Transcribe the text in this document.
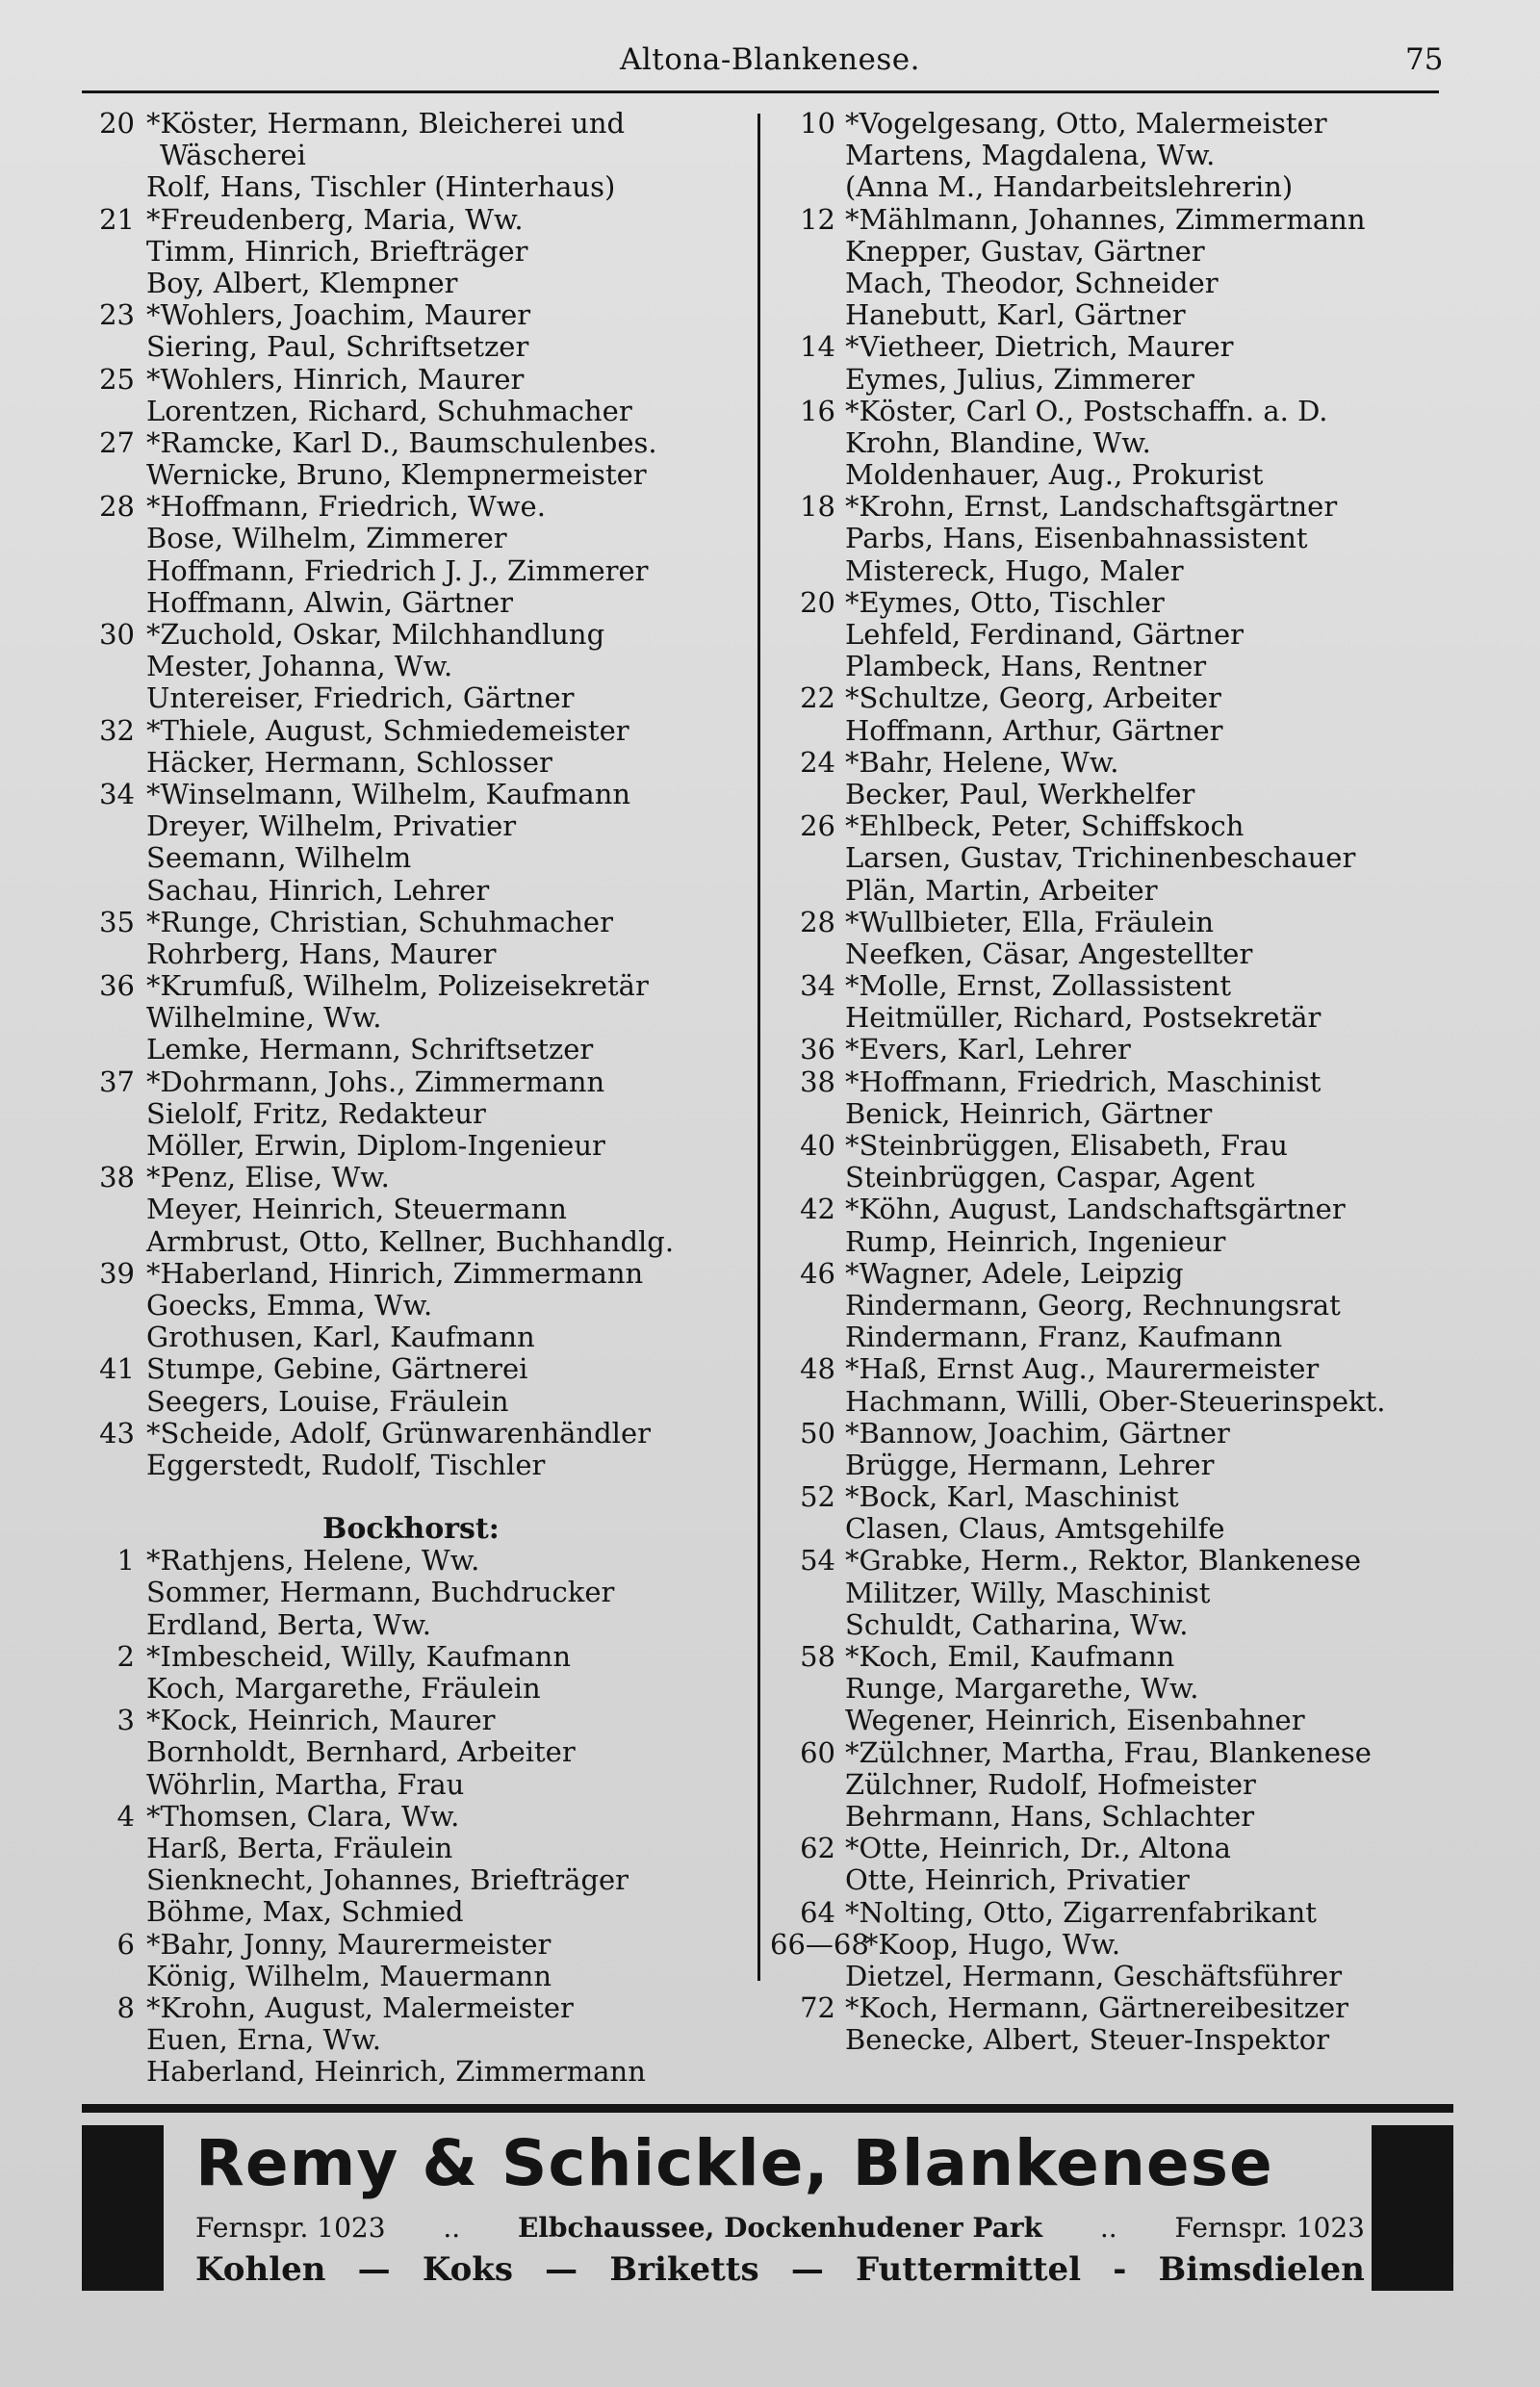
Altona-Blankenese.	75
20 *Köster, Hermann, Bleicherei und
Wäscherei
Rolf, Hans, Tischler (Hinterhaus)
21 *Freudenberg, Maria, Ww.
Timm, Hinrich, Briefträger
Boy, Albert, Klempner
23 *Wohlers, Joachim, Maurer
Siering, Paul, Schriftsetzer
25 *Wohlers, Hinrich, Maurer
Lorentzen, Richard, Schuhmacher
27 *Ramcke, Karl D., Baumschulenbes.
Wernicke, Bruno, Klempnermeister
28 *Hoffmann, Friedrich, Wwe.
Bose, Wilhelm, Zimmerer
Hoffmann, Friedrich J. J., Zimmerer
Hoffmann, Alwin, Gärtner
30 *Zuchold, Oskar, Milchhandlung
Mester, Johanna, Ww.
Untereiser, Friedrich, Gärtner
32 *Thiele, August, Schmiedemeister
Häcker, Hermann, Schlosser
34 *Winselmann, Wilhelm, Kaufmann
Dreyer, Wilhelm, Privatier
Seemann, Wilhelm
Sachau, Hinrich, Lehrer
35 *Runge, Christian, Schuhmacher
Rohrberg, Hans, Maurer
36 *Krumfuß, Wilhelm, Polizeisekretär
Wilhelmine, Ww.
Lemke, Hermann, Schriftsetzer
37 *Dohrmann, Johs., Zimmermann
Sielolf, Fritz, Redakteur
Möller, Erwin, Diplom-Ingenieur
38 *Penz, Elise, Ww.
Meyer, Heinrich, Steuermann
Armbrust, Otto, Kellner, Buchhandlg.
39 *Haberland, Hinrich, Zimmermann
Goecks, Emma, Ww.
Grothusen, Karl, Kaufmann
41 Stumpe, Gebine, Gärtnerei
Seegers, Louise, Fräulein
43 *Scheide, Adolf, Grünwarenhändler
Eggerstedt, Rudolf, Tischler
Bockhorst:
1 *Rathjens, Helene, Ww.
Sommer, Hermann, Buchdrucker
Erdland, Berta, Ww.
2 *Imbescheid, Willy, Kaufmann
Koch, Margarethe, Fräulein
3 *Kock, Heinrich, Maurer
Bornholdt, Bernhard, Arbeiter
Wöhrlin, Martha, Frau
4 *Thomsen, Clara, Ww.
Harß, Berta, Fräulein
Sienknecht, Johannes, Briefträger
Böhme, Max, Schmied
6 *Bahr, Jonny, Maurermeister
König, Wilhelm, Mauermann
8 *Krohn, August, Malermeister
Euen, Erna, Ww.
Haberland, Heinrich, Zimmermann
10 *Vogelgesang, Otto, Malermeister
Martens, Magdalena, Ww.
(Anna M., Handarbeitslehrerin)
12 *Mählmann, Johannes, Zimmermann
Knepper, Gustav, Gärtner
Mach, Theodor, Schneider
Hanebutt, Karl, Gärtner
14 *Vietheer, Dietrich, Maurer
Eymes, Julius, Zimmerer
16 *Köster, Carl O., Postschaffn. a. D.
Krohn, Blandine, Ww.
Moldenhauer, Aug., Prokurist
18 *Krohn, Ernst, Landschaftsgärtner
Parbs, Hans, Eisenbahnassistent
Mistereck, Hugo, Maler
20 *Eymes, Otto, Tischler
Lehfeld, Ferdinand, Gärtner
Plambeck, Hans, Rentner
22 *Schultze, Georg, Arbeiter
Hoffmann, Arthur, Gärtner
24 *Bahr, Helene, Ww.
Becker, Paul, Werkhelfer
26 *Ehlbeck, Peter, Schiffskoch
Larsen, Gustav, Trichinenbeschauer
Plän, Martin, Arbeiter
28 *Wullbieter, Ella, Fräulein
Neefken, Cäsar, Angestellter
34 *Molle, Ernst, Zollassistent
Heitmüller, Richard, Postsekretär
36 *Evers, Karl, Lehrer
38 *Hoffmann, Friedrich, Maschinist
Benick, Heinrich, Gärtner
40 *Steinbrüggen, Elisabeth, Frau
Steinbrüggen, Caspar, Agent
42 *Köhn, August, Landschaftsgärtner
Rump, Heinrich, Ingenieur
46 *Wagner, Adele, Leipzig
Rindermann, Georg, Rechnungsrat
Rindermann, Franz, Kaufmann
48 *Haß, Ernst Aug., Maurermeister
Hachmann, Willi, Ober-Steuerinspekt.
50 *Bannow, Joachim, Gärtner
Brügge, Hermann, Lehrer
52 *Bock, Karl, Maschinist
Clasen, Claus, Amtsgehilfe
54 *Grabke, Herm., Rektor, Blankenese
Militzer, Willy, Maschinist
Schuldt, Catharina, Ww.
58 *Koch, Emil, Kaufmann
Runge, Margarethe, Ww.
Wegener, Heinrich, Eisenbahner
60 *Zülchner, Martha, Frau, Blankenese
Zülchner, Rudolf, Hofmeister
Behrmann, Hans, Schlachter
62 *Otte, Heinrich, Dr., Altona
Otte, Heinrich, Privatier
64 *Nolting, Otto, Zigarrenfabrikant
66—68
*Koop, Hugo, Ww.
Dietzel, Hermann, Geschäftsführer
72 *Koch, Hermann, Gärtnereibesitzer
Benecke, Albert, Steuer-Inspektor
Remy & Schickle, Blankenese
Fernspr. 1023 .. Elbchaussee, Dockenhudener Park .. Fernspr. 1023
Kohlen — Koks — Briketts — Futtermittel - Bimsdielen
